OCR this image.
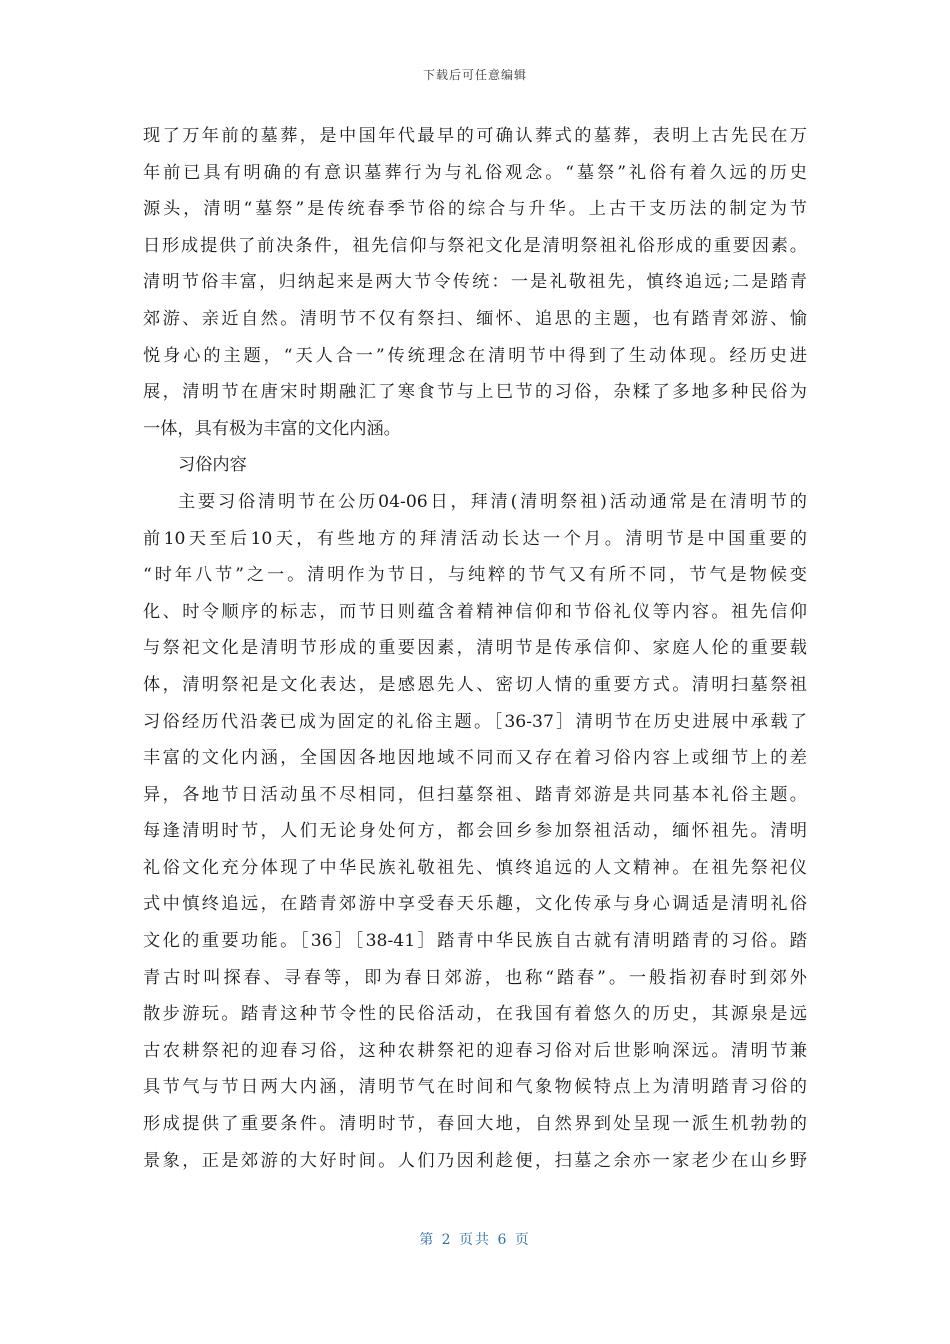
下载后可任意编辑
现了万年前的墓葬，是中国年代最早的可确认葬式的墓葬，表明上古先民在万
年前已具有明确的有意识墓葬行为与礼俗观念。“墓祭”礼俗有着久远的历史
源头，清明“墓祭”是传统春季节俗的综合与升华。上古干支历法的制定为节
日形成提供了前决条件，祖先信仰与祭祀文化是清明祭祖礼俗形成的重要因素。
清明节俗丰富，归纳起来是两大节令传统：一是礼敬祖先，慎终追远;二是踏青
郊游、亲近自然。清明节不仅有祭扫、缅怀、追思的主题，也有踏青郊游、愉
悦身心的主题，“天人合一”传统理念在清明节中得到了生动体现。经历史进
展，清明节在唐宋时期融汇了寒食节与上巳节的习俗，杂糅了多地多种民俗为
一体，具有极为丰富的文化内涵。
习俗内容
主要习俗清明节在公历04-06日，拜清(清明祭祖)活动通常是在清明节的
前10天至后10天，有些地方的拜清活动长达一个月。清明节是中国重要的
“时年八节”之一。清明作为节日，与纯粹的节气又有所不同，节气是物候变
化、时令顺序的标志，而节日则蕴含着精神信仰和节俗礼仪等内容。祖先信仰
与祭祀文化是清明节形成的重要因素，清明节是传承信仰、家庭人伦的重要载
体，清明祭祀是文化表达，是感恩先人、密切人情的重要方式。清明扫墓祭祖
习俗经历代沿袭已成为固定的礼俗主题。［36-37］清明节在历史进展中承载了
丰富的文化内涵，全国因各地因地域不同而又存在着习俗内容上或细节上的差
异，各地节日活动虽不尽相同，但扫墓祭祖、踏青郊游是共同基本礼俗主题。
每逢清明时节，人们无论身处何方，都会回乡参加祭祖活动，缅怀祖先。清明
礼俗文化充分体现了中华民族礼敬祖先、慎终追远的人文精神。在祖先祭祀仪
式中慎终追远，在踏青郊游中享受春天乐趣，文化传承与身心调适是清明礼俗
文化的重要功能。［36］［38-41］踏青中华民族自古就有清明踏青的习俗。踏
青古时叫探春、寻春等，即为春日郊游，也称“踏春”。一般指初春时到郊外
散步游玩。踏青这种节令性的民俗活动，在我国有着悠久的历史，其源泉是远
古农耕祭祀的迎春习俗，这种农耕祭祀的迎春习俗对后世影响深远。清明节兼
具节气与节日两大内涵，清明节气在时间和气象物候特点上为清明踏青习俗的
形成提供了重要条件。清明时节，春回大地，自然界到处呈现一派生机勃勃的
景象，正是郊游的大好时间。人们乃因利趁便，扫墓之余亦一家老少在山乡野
第 2 页共 6 页
